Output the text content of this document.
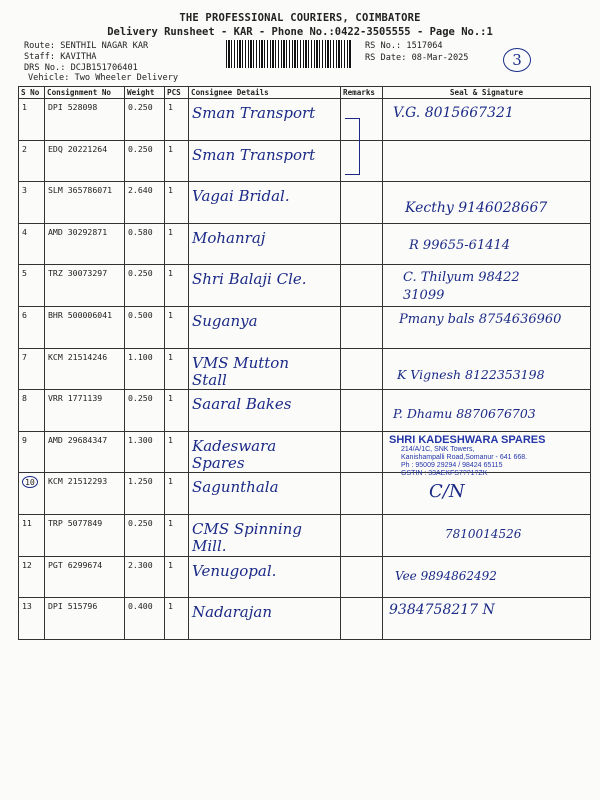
THE PROFESSIONAL COURIERS, COIMBATORE
Delivery Runsheet - KAR - Phone No.:0422-3505555 - Page No.:1
Route: SENTHIL NAGAR KAR
Staff: KAVITHA
DRS No.: DCJB151706401
Vehicle: Two Wheeler Delivery
RS No.: 1517064
RS Date: 08-Mar-2025	3
S No	Consignment No	Weight	PCS	Consignee Details	Remarks	Seal & Signature
1	DPI 528098	0.250	1	Sman Transport		V.G. 8015667321

2	EDQ 20221264	0.250	1	Sman Transport		

3	SLM 365786071	2.640	1	Vagai Bridal.		Kecthy 9146028667

4	AMD 30292871	0.580	1	Mohanraj		R 99655-61414

5	TRZ 30073297	0.250	1	Shri Balaji Cle.		C. Thilyum 98422 31099

6	BHR 500006041	0.500	1	Suganya		Pmany bals 8754636960

7	KCM 21514246	1.100	1	VMS Mutton Stall		K Vignesh 8122353198

8	VRR 1771139	0.250	1	Saaral Bakes		P. Dhamu 8870676703

9	AMD 29684347	1.300	1	Kadeswara Spares		SHRI KADESHWARA SPARES
214/A/1C, SNK Towers,
Kanishampalli Road,Somanur - 641 668.
Ph : 95009 29294 / 98424 65115
GSTIN : 33AEKFS7??1?ZK

10	KCM 21512293	1.250	1	Sagunthala		C/N

11	TRP 5077849	0.250	1	CMS Spinning Mill.		7810014526

12	PGT 6299674	2.300	1	Venugopal.		Vee 9894862492

13	DPI 515796	0.400	1	Nadarajan		9384758217 N
